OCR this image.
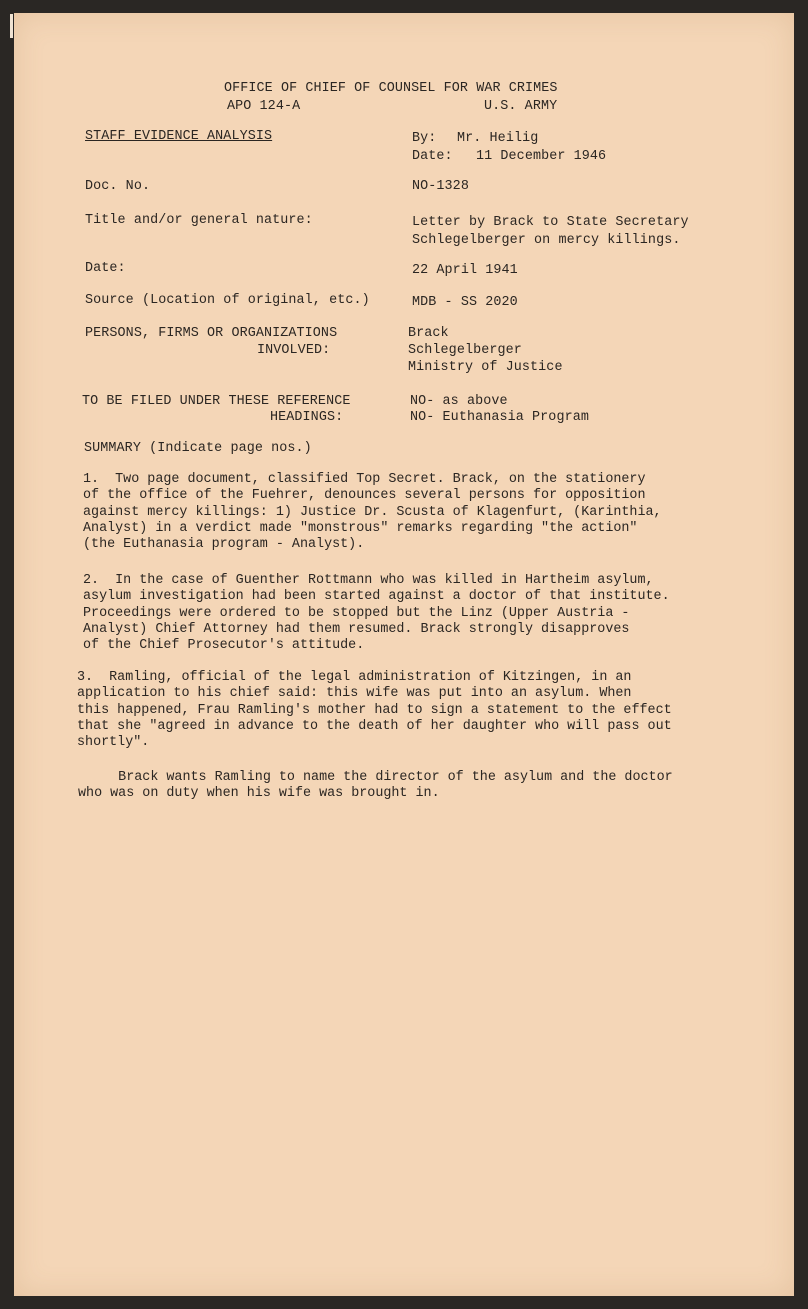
OFFICE OF CHIEF OF COUNSEL FOR WAR CRIMES
APO 124-A	U.S. ARMY
STAFF EVIDENCE ANALYSIS	By: Mr. Heilig
Date: 11 December 1946
Doc. No.	NO-1328
Title and/or general nature:	Letter by Brack to State Secretary
Schlegelberger on mercy killings.
Date:	22 April 1941
Source (Location of original, etc.)	MDB - SS 2020
PERSONS, FIRMS OR ORGANIZATIONS
INVOLVED:
Brack
Schlegelberger
Ministry of Justice
TO BE FILED UNDER THESE REFERENCE
HEADINGS:
NO- as above
NO- Euthanasia Program
SUMMARY (Indicate page nos.)
1.  Two page document, classified Top Secret. Brack, on the stationery
of the office of the Fuehrer, denounces several persons for opposition
against mercy killings: 1) Justice Dr. Scusta of Klagenfurt, (Karinthia,
Analyst) in a verdict made "monstrous" remarks regarding "the action"
(the Euthanasia program - Analyst).
2.  In the case of Guenther Rottmann who was killed in Hartheim asylum,
asylum investigation had been started against a doctor of that institute.
Proceedings were ordered to be stopped but the Linz (Upper Austria -
Analyst) Chief Attorney had them resumed. Brack strongly disapproves
of the Chief Prosecutor's attitude.
3.  Ramling, official of the legal administration of Kitzingen, in an
application to his chief said: this wife was put into an asylum. When
this happened, Frau Ramling's mother had to sign a statement to the effect
that she "agreed in advance to the death of her daughter who will pass out
shortly".
Brack wants Ramling to name the director of the asylum and the doctor
who was on duty when his wife was brought in.
